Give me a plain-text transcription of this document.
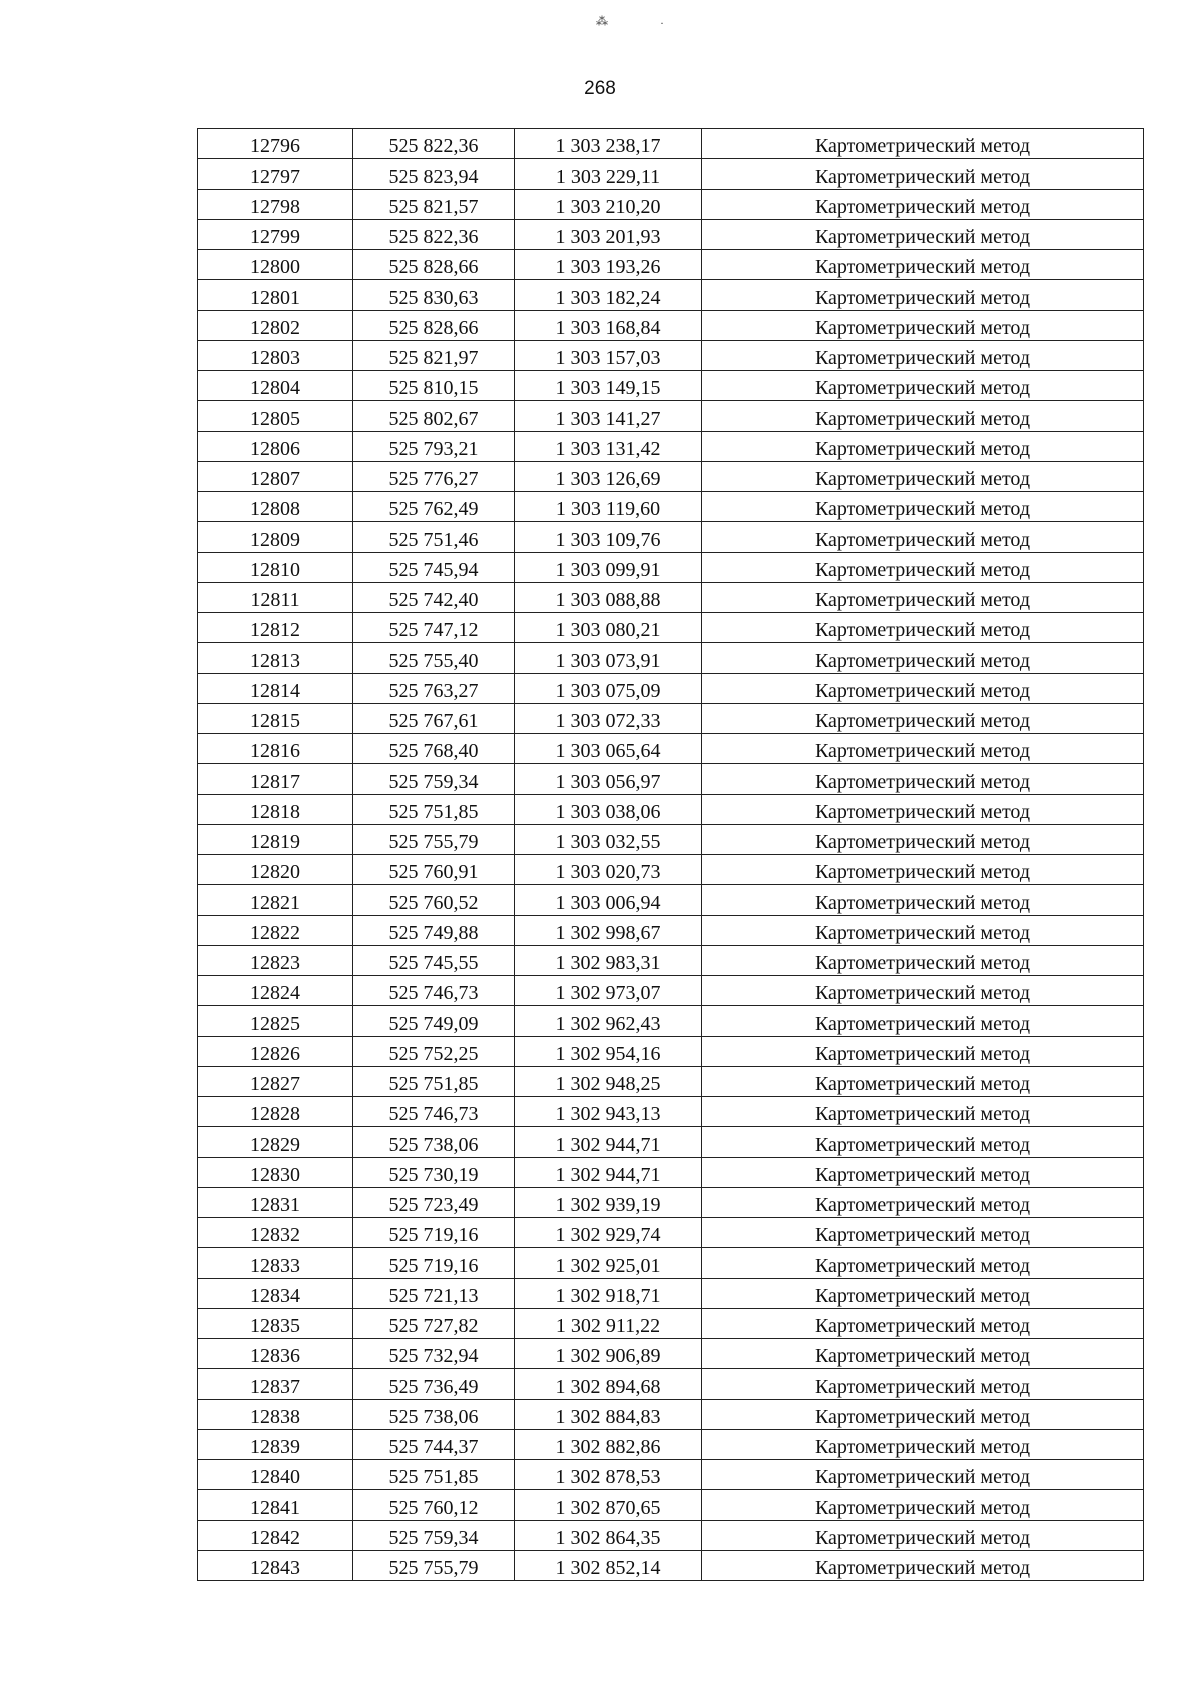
⁂	·
268
12796	525 822,36	1 303 238,17	Картометрический метод
12797	525 823,94	1 303 229,11	Картометрический метод
12798	525 821,57	1 303 210,20	Картометрический метод
12799	525 822,36	1 303 201,93	Картометрический метод
12800	525 828,66	1 303 193,26	Картометрический метод
12801	525 830,63	1 303 182,24	Картометрический метод
12802	525 828,66	1 303 168,84	Картометрический метод
12803	525 821,97	1 303 157,03	Картометрический метод
12804	525 810,15	1 303 149,15	Картометрический метод
12805	525 802,67	1 303 141,27	Картометрический метод
12806	525 793,21	1 303 131,42	Картометрический метод
12807	525 776,27	1 303 126,69	Картометрический метод
12808	525 762,49	1 303 119,60	Картометрический метод
12809	525 751,46	1 303 109,76	Картометрический метод
12810	525 745,94	1 303 099,91	Картометрический метод
12811	525 742,40	1 303 088,88	Картометрический метод
12812	525 747,12	1 303 080,21	Картометрический метод
12813	525 755,40	1 303 073,91	Картометрический метод
12814	525 763,27	1 303 075,09	Картометрический метод
12815	525 767,61	1 303 072,33	Картометрический метод
12816	525 768,40	1 303 065,64	Картометрический метод
12817	525 759,34	1 303 056,97	Картометрический метод
12818	525 751,85	1 303 038,06	Картометрический метод
12819	525 755,79	1 303 032,55	Картометрический метод
12820	525 760,91	1 303 020,73	Картометрический метод
12821	525 760,52	1 303 006,94	Картометрический метод
12822	525 749,88	1 302 998,67	Картометрический метод
12823	525 745,55	1 302 983,31	Картометрический метод
12824	525 746,73	1 302 973,07	Картометрический метод
12825	525 749,09	1 302 962,43	Картометрический метод
12826	525 752,25	1 302 954,16	Картометрический метод
12827	525 751,85	1 302 948,25	Картометрический метод
12828	525 746,73	1 302 943,13	Картометрический метод
12829	525 738,06	1 302 944,71	Картометрический метод
12830	525 730,19	1 302 944,71	Картометрический метод
12831	525 723,49	1 302 939,19	Картометрический метод
12832	525 719,16	1 302 929,74	Картометрический метод
12833	525 719,16	1 302 925,01	Картометрический метод
12834	525 721,13	1 302 918,71	Картометрический метод
12835	525 727,82	1 302 911,22	Картометрический метод
12836	525 732,94	1 302 906,89	Картометрический метод
12837	525 736,49	1 302 894,68	Картометрический метод
12838	525 738,06	1 302 884,83	Картометрический метод
12839	525 744,37	1 302 882,86	Картометрический метод
12840	525 751,85	1 302 878,53	Картометрический метод
12841	525 760,12	1 302 870,65	Картометрический метод
12842	525 759,34	1 302 864,35	Картометрический метод
12843	525 755,79	1 302 852,14	Картометрический метод
